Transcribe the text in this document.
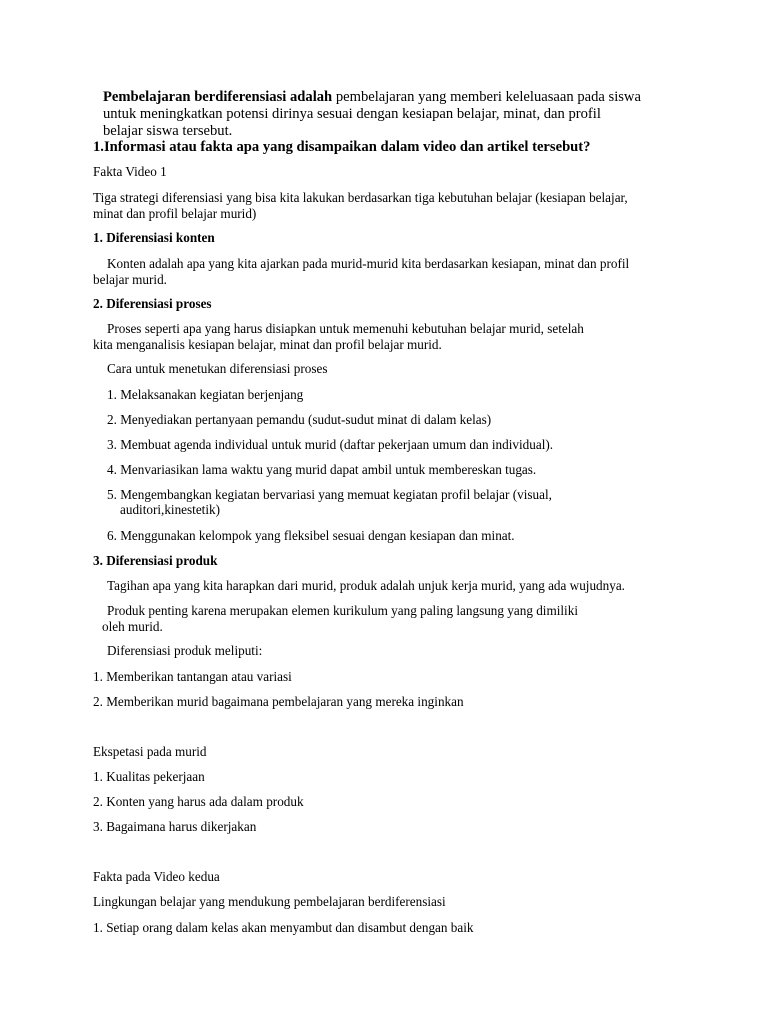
Pembelajaran berdiferensiasi adalah pembelajaran yang memberi keleluasaan pada siswa
untuk meningkatkan potensi dirinya sesuai dengan kesiapan belajar, minat, dan profil
belajar siswa tersebut.
1.Informasi atau fakta apa yang disampaikan dalam video dan artikel tersebut?
Fakta Video 1
Tiga strategi diferensiasi yang bisa kita lakukan berdasarkan tiga kebutuhan belajar (kesiapan belajar,
minat dan profil belajar murid)
1. Diferensiasi konten
Konten adalah apa yang kita ajarkan pada murid-murid kita berdasarkan kesiapan, minat dan profil
belajar murid.
2. Diferensiasi proses
Proses seperti apa yang harus disiapkan untuk memenuhi kebutuhan belajar murid, setelah
kita menganalisis kesiapan belajar, minat dan profil belajar murid.
Cara untuk menetukan diferensiasi proses
1. Melaksanakan kegiatan berjenjang
2. Menyediakan pertanyaan pemandu (sudut-sudut minat di dalam kelas)
3. Membuat agenda individual untuk murid (daftar pekerjaan umum dan individual).
4. Menvariasikan lama waktu yang murid dapat ambil untuk membereskan tugas.
5. Mengembangkan kegiatan bervariasi yang memuat kegiatan profil belajar (visual,
auditori,kinestetik)
6. Menggunakan kelompok yang fleksibel sesuai dengan kesiapan dan minat.
3. Diferensiasi produk
Tagihan apa yang kita harapkan dari murid, produk adalah unjuk kerja murid, yang ada wujudnya.
Produk penting karena merupakan elemen kurikulum yang paling langsung yang dimiliki
oleh murid.
Diferensiasi produk meliputi:
1. Memberikan tantangan atau variasi
2. Memberikan murid bagaimana pembelajaran yang mereka inginkan
Ekspetasi pada murid
1. Kualitas pekerjaan
2. Konten yang harus ada dalam produk
3. Bagaimana harus dikerjakan
Fakta pada Video kedua
Lingkungan belajar yang mendukung pembelajaran berdiferensiasi
1. Setiap orang dalam kelas akan menyambut dan disambut dengan baik
